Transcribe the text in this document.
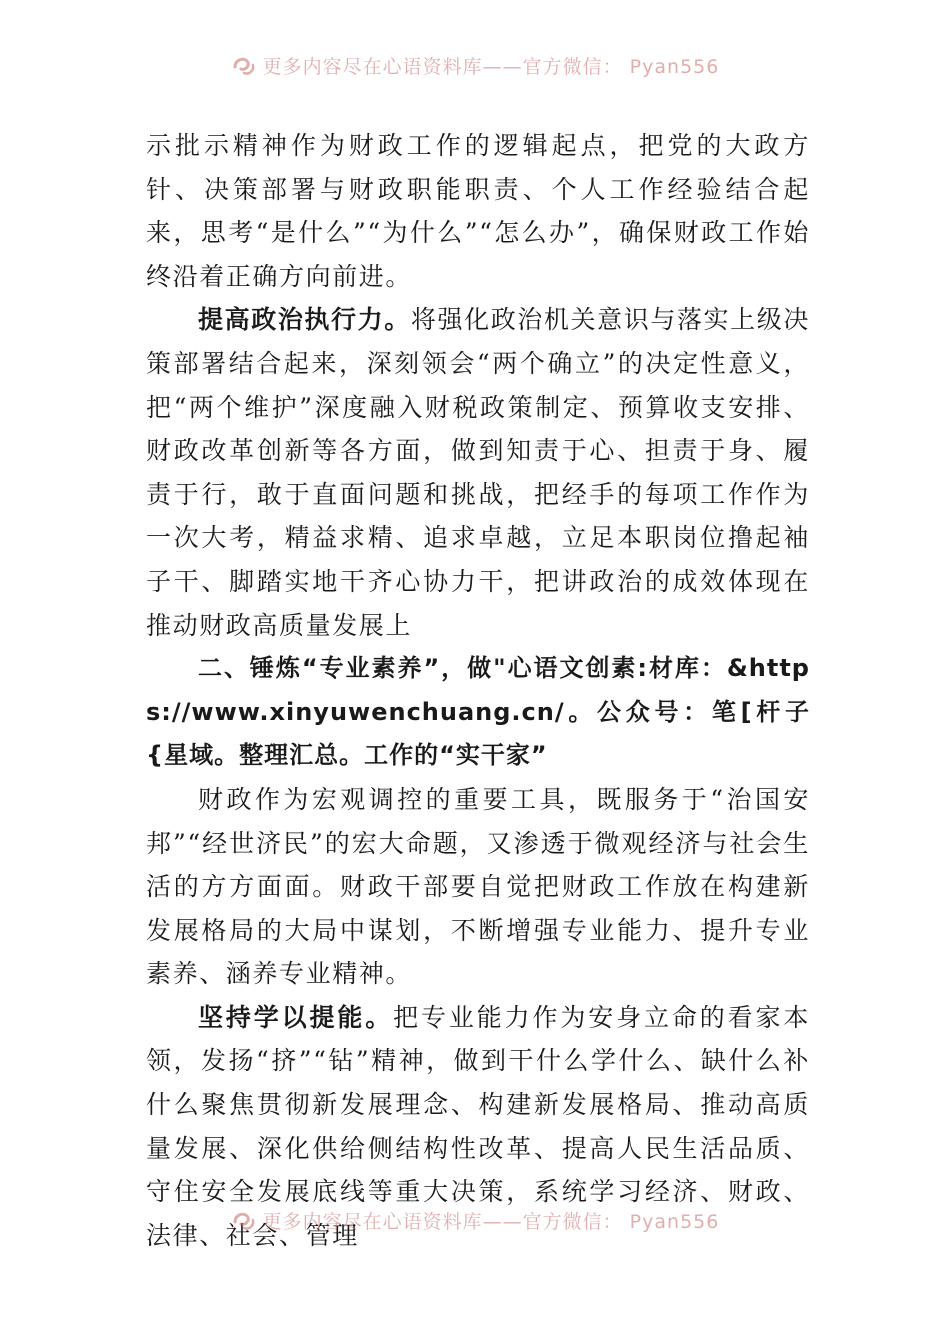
更多内容尽在心语资料库——官方微信： Pyan556

示批示精神作为财政工作的逻辑起点，把党的大政方针、决策部署与财政职能职责、个人工作经验结合起来，思考“是什么”“为什么”“怎么办”，确保财政工作始终沿着正确方向前进。

提高政治执行力。将强化政治机关意识与落实上级决策部署结合起来，深刻领会“两个确立”的决定性意义，把“两个维护”深度融入财税政策制定、预算收支安排、财政改革创新等各方面，做到知责于心、担责于身、履责于行，敢于直面问题和挑战，把经手的每项工作作为一次大考，精益求精、追求卓越，立足本职岗位撸起袖子干、脚踏实地干齐心协力干，把讲政治的成效体现在推动财政高质量发展上

二、锤炼“专业素养”，做"心语文创素:材库：&https://www.xinyuwenchuang.cn/。公众号：笔[杆子{星域。整理汇总。工作的“实干家”

财政作为宏观调控的重要工具，既服务于“治国安邦”“经世济民”的宏大命题，又渗透于微观经济与社会生活的方方面面。财政干部要自觉把财政工作放在构建新发展格局的大局中谋划，不断增强专业能力、提升专业素养、涵养专业精神。

坚持学以提能。把专业能力作为安身立命的看家本领，发扬“挤”“钻”精神，做到干什么学什么、缺什么补什么聚焦贯彻新发展理念、构建新发展格局、推动高质量发展、深化供给侧结构性改革、提高人民生活品质、守住安全发展底线等重大决策，系统学习经济、财政、法律、社会、管理

更多内容尽在心语资料库——官方微信： Pyan556
